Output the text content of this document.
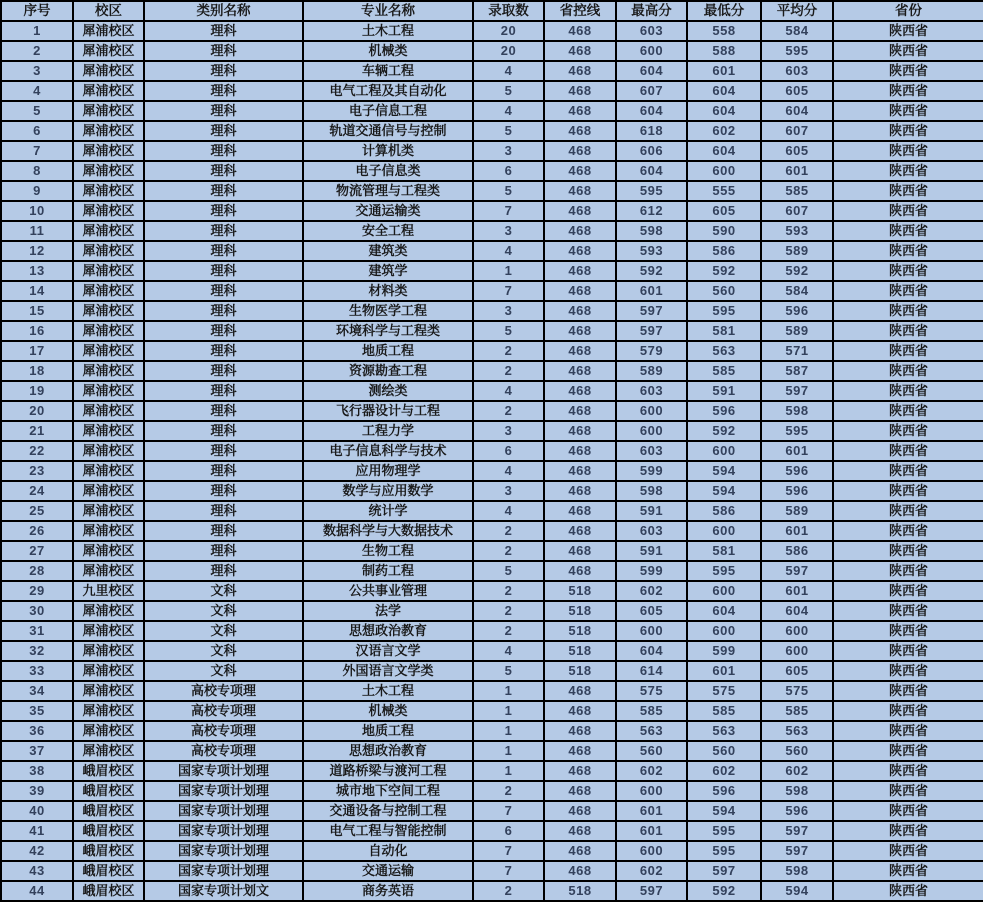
序号	校区	类别名称	专业名称	录取数	省控线	最高分	最低分	平均分	省份
1	犀浦校区	理科	土木工程	20	468	603	558	584	陕西省
2	犀浦校区	理科	机械类	20	468	600	588	595	陕西省
3	犀浦校区	理科	车辆工程	4	468	604	601	603	陕西省
4	犀浦校区	理科	电气工程及其自动化	5	468	607	604	605	陕西省
5	犀浦校区	理科	电子信息工程	4	468	604	604	604	陕西省
6	犀浦校区	理科	轨道交通信号与控制	5	468	618	602	607	陕西省
7	犀浦校区	理科	计算机类	3	468	606	604	605	陕西省
8	犀浦校区	理科	电子信息类	6	468	604	600	601	陕西省
9	犀浦校区	理科	物流管理与工程类	5	468	595	555	585	陕西省
10	犀浦校区	理科	交通运输类	7	468	612	605	607	陕西省
11	犀浦校区	理科	安全工程	3	468	598	590	593	陕西省
12	犀浦校区	理科	建筑类	4	468	593	586	589	陕西省
13	犀浦校区	理科	建筑学	1	468	592	592	592	陕西省
14	犀浦校区	理科	材料类	7	468	601	560	584	陕西省
15	犀浦校区	理科	生物医学工程	3	468	597	595	596	陕西省
16	犀浦校区	理科	环境科学与工程类	5	468	597	581	589	陕西省
17	犀浦校区	理科	地质工程	2	468	579	563	571	陕西省
18	犀浦校区	理科	资源勘查工程	2	468	589	585	587	陕西省
19	犀浦校区	理科	测绘类	4	468	603	591	597	陕西省
20	犀浦校区	理科	飞行器设计与工程	2	468	600	596	598	陕西省
21	犀浦校区	理科	工程力学	3	468	600	592	595	陕西省
22	犀浦校区	理科	电子信息科学与技术	6	468	603	600	601	陕西省
23	犀浦校区	理科	应用物理学	4	468	599	594	596	陕西省
24	犀浦校区	理科	数学与应用数学	3	468	598	594	596	陕西省
25	犀浦校区	理科	统计学	4	468	591	586	589	陕西省
26	犀浦校区	理科	数据科学与大数据技术	2	468	603	600	601	陕西省
27	犀浦校区	理科	生物工程	2	468	591	581	586	陕西省
28	犀浦校区	理科	制药工程	5	468	599	595	597	陕西省
29	九里校区	文科	公共事业管理	2	518	602	600	601	陕西省
30	犀浦校区	文科	法学	2	518	605	604	604	陕西省
31	犀浦校区	文科	思想政治教育	2	518	600	600	600	陕西省
32	犀浦校区	文科	汉语言文学	4	518	604	599	600	陕西省
33	犀浦校区	文科	外国语言文学类	5	518	614	601	605	陕西省
34	犀浦校区	高校专项理	土木工程	1	468	575	575	575	陕西省
35	犀浦校区	高校专项理	机械类	1	468	585	585	585	陕西省
36	犀浦校区	高校专项理	地质工程	1	468	563	563	563	陕西省
37	犀浦校区	高校专项理	思想政治教育	1	468	560	560	560	陕西省
38	峨眉校区	国家专项计划理	道路桥梁与渡河工程	1	468	602	602	602	陕西省
39	峨眉校区	国家专项计划理	城市地下空间工程	2	468	600	596	598	陕西省
40	峨眉校区	国家专项计划理	交通设备与控制工程	7	468	601	594	596	陕西省
41	峨眉校区	国家专项计划理	电气工程与智能控制	6	468	601	595	597	陕西省
42	峨眉校区	国家专项计划理	自动化	7	468	600	595	597	陕西省
43	峨眉校区	国家专项计划理	交通运输	7	468	602	597	598	陕西省
44	峨眉校区	国家专项计划文	商务英语	2	518	597	592	594	陕西省
